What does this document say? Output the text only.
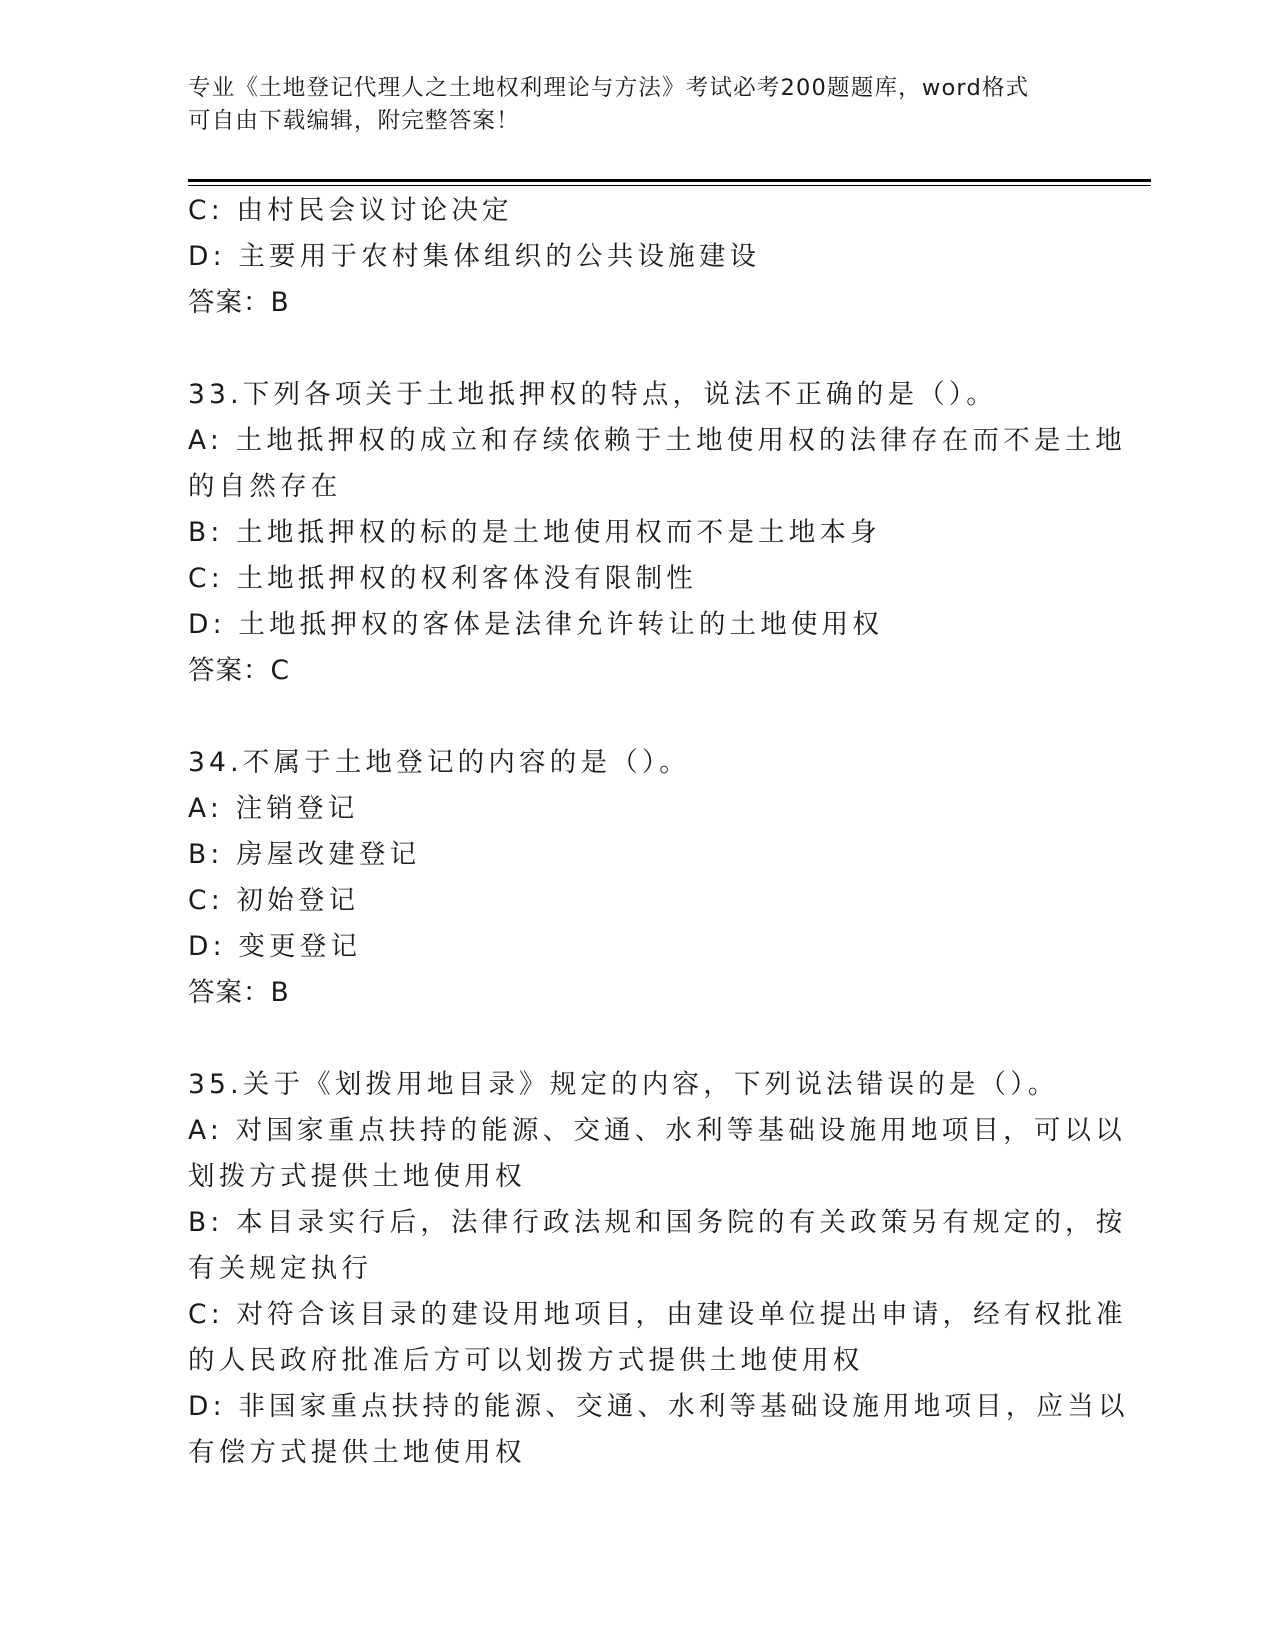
专业《土地登记代理人之土地权利理论与方法》考试必考200题题库，word格式
可自由下载编辑，附完整答案！
C: 由村民会议讨论决定
D: 主要用于农村集体组织的公共设施建设
答案：B
33.下列各项关于土地抵押权的特点，说法不正确的是（）。
A: 土地抵押权的成立和存续依赖于土地使用权的法律存在而不是土地
的自然存在
B: 土地抵押权的标的是土地使用权而不是土地本身
C: 土地抵押权的权利客体没有限制性
D: 土地抵押权的客体是法律允许转让的土地使用权
答案：C
34.不属于土地登记的内容的是（）。
A: 注销登记
B: 房屋改建登记
C: 初始登记
D: 变更登记
答案：B
35.关于《划拨用地目录》规定的内容，下列说法错误的是（）。
A: 对国家重点扶持的能源、交通、水利等基础设施用地项目，可以以
划拨方式提供土地使用权
B: 本目录实行后，法律行政法规和国务院的有关政策另有规定的，按
有关规定执行
C: 对符合该目录的建设用地项目，由建设单位提出申请，经有权批准
的人民政府批准后方可以划拨方式提供土地使用权
D: 非国家重点扶持的能源、交通、水利等基础设施用地项目，应当以
有偿方式提供土地使用权
